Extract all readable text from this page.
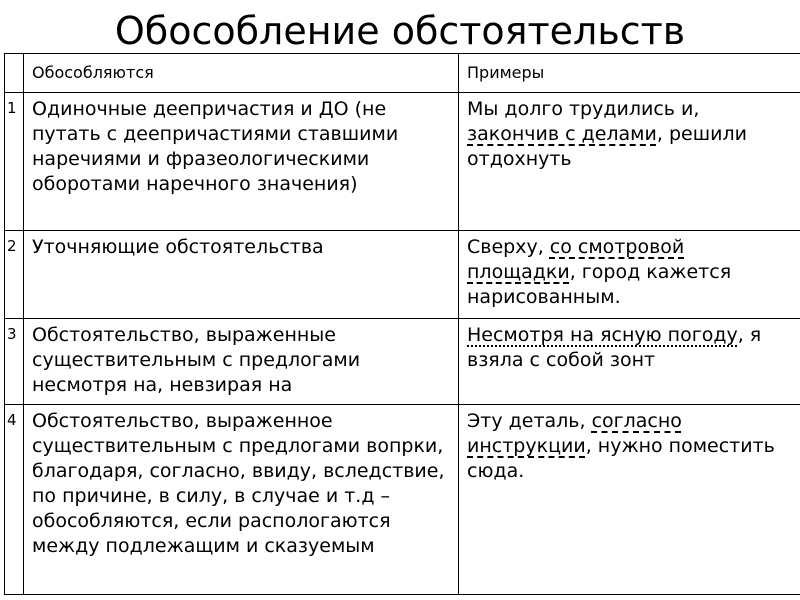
Обособление обстоятельств
	Обособляются	Примеры
1	Одиночные деепричастия и ДО (не путать с деепричастиями ставшими наречиями и фразеологическими оборотами наречного значения)	Мы долго трудились и, закончив с делами, решили отдохнуть
2	Уточняющие обстоятельства	Сверху, со смотровой площадки, город кажется нарисованным.
3	Обстоятельство, выраженные существительным с предлогами несмотря на, невзирая на	Несмотря на ясную погоду, я взяла с собой зонт
4	Обстоятельство, выраженное существительным с предлогами вопрки, благодаря, согласно, ввиду, вследствие, по причине, в силу, в случае и т.д – обособляются, если распологаются между подлежащим и сказуемым	Эту деталь, согласно инструкции, нужно поместить сюда.
